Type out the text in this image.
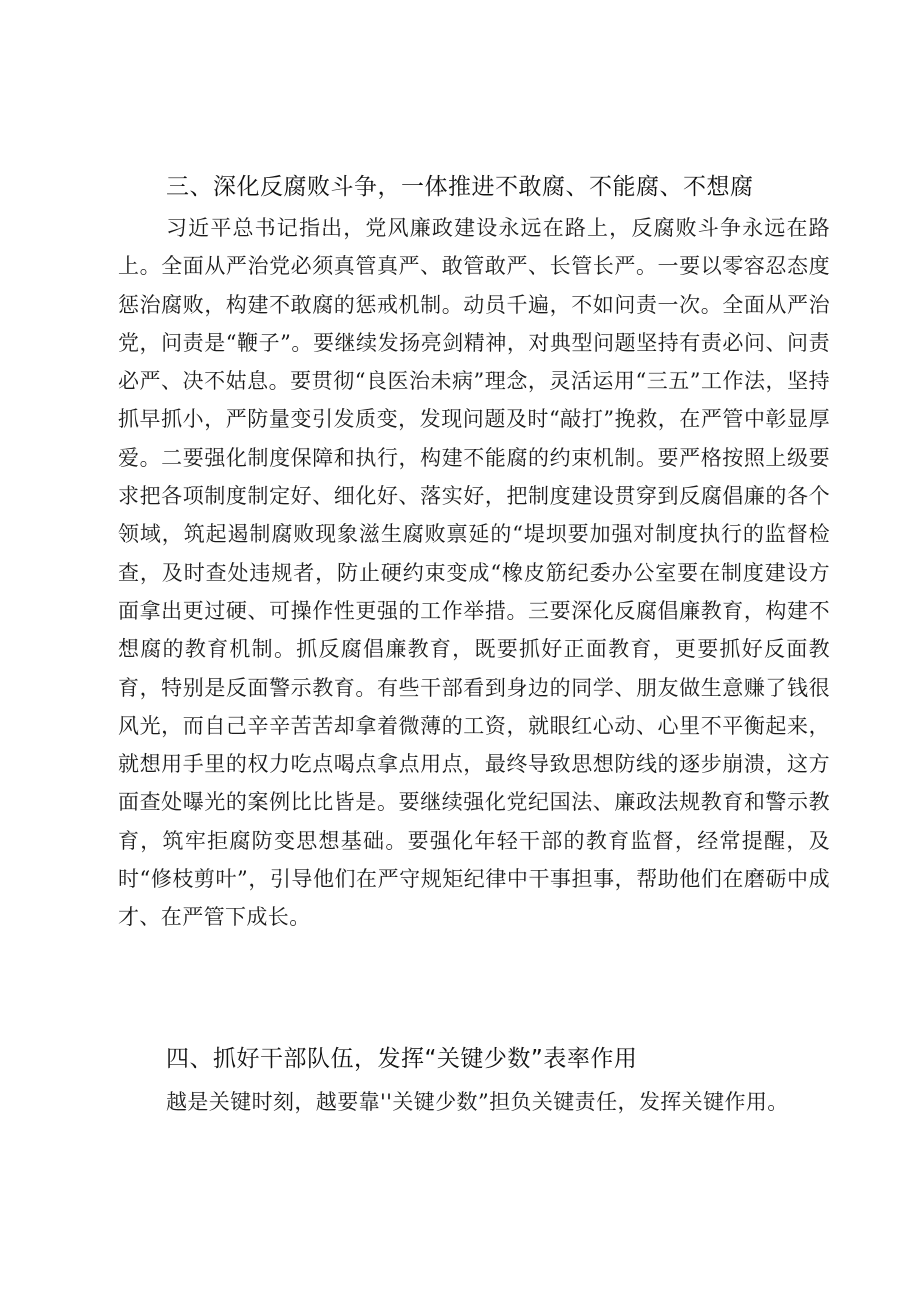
三、深化反腐败斗争，一体推进不敢腐、不能腐、不想腐
习近平总书记指出，党风廉政建设永远在路上，反腐败斗争永远在路上。全面从严治党必须真管真严、敢管敢严、长管长严。一要以零容忍态度惩治腐败，构建不敢腐的惩戒机制。动员千遍，不如问责一次。全面从严治党，问责是“鞭子”。要继续发扬亮剑精神，对典型问题坚持有责必问、问责必严、决不姑息。要贯彻“良医治未病”理念，灵活运用“三五”工作法，坚持抓早抓小，严防量变引发质变，发现问题及时“敲打”挽救，在严管中彰显厚爱。二要强化制度保障和执行，构建不能腐的约束机制。要严格按照上级要求把各项制度制定好、细化好、落实好，把制度建设贯穿到反腐倡廉的各个领域，筑起遏制腐败现象滋生腐败禀延的“堤坝要加强对制度执行的监督检查，及时查处违规者，防止硬约束变成“橡皮筋纪委办公室要在制度建设方面拿出更过硬、可操作性更强的工作举措。三要深化反腐倡廉教育，构建不想腐的教育机制。抓反腐倡廉教育，既要抓好正面教育，更要抓好反面教育，特别是反面警示教育。有些干部看到身边的同学、朋友做生意赚了钱很风光，而自己辛辛苦苦却拿着微薄的工资，就眼红心动、心里不平衡起来，就想用手里的权力吃点喝点拿点用点，最终导致思想防线的逐步崩溃，这方面查处曝光的案例比比皆是。要继续强化党纪国法、廉政法规教育和警示教育，筑牢拒腐防变思想基础。要强化年轻干部的教育监督，经常提醒，及时“修枝剪叶”，引导他们在严守规矩纪律中干事担事，帮助他们在磨砺中成才、在严管下成长。
四、抓好干部队伍，发挥“关键少数”表率作用
越是关键时刻，越要靠''关键少数”担负关键责任，发挥关键作用。
